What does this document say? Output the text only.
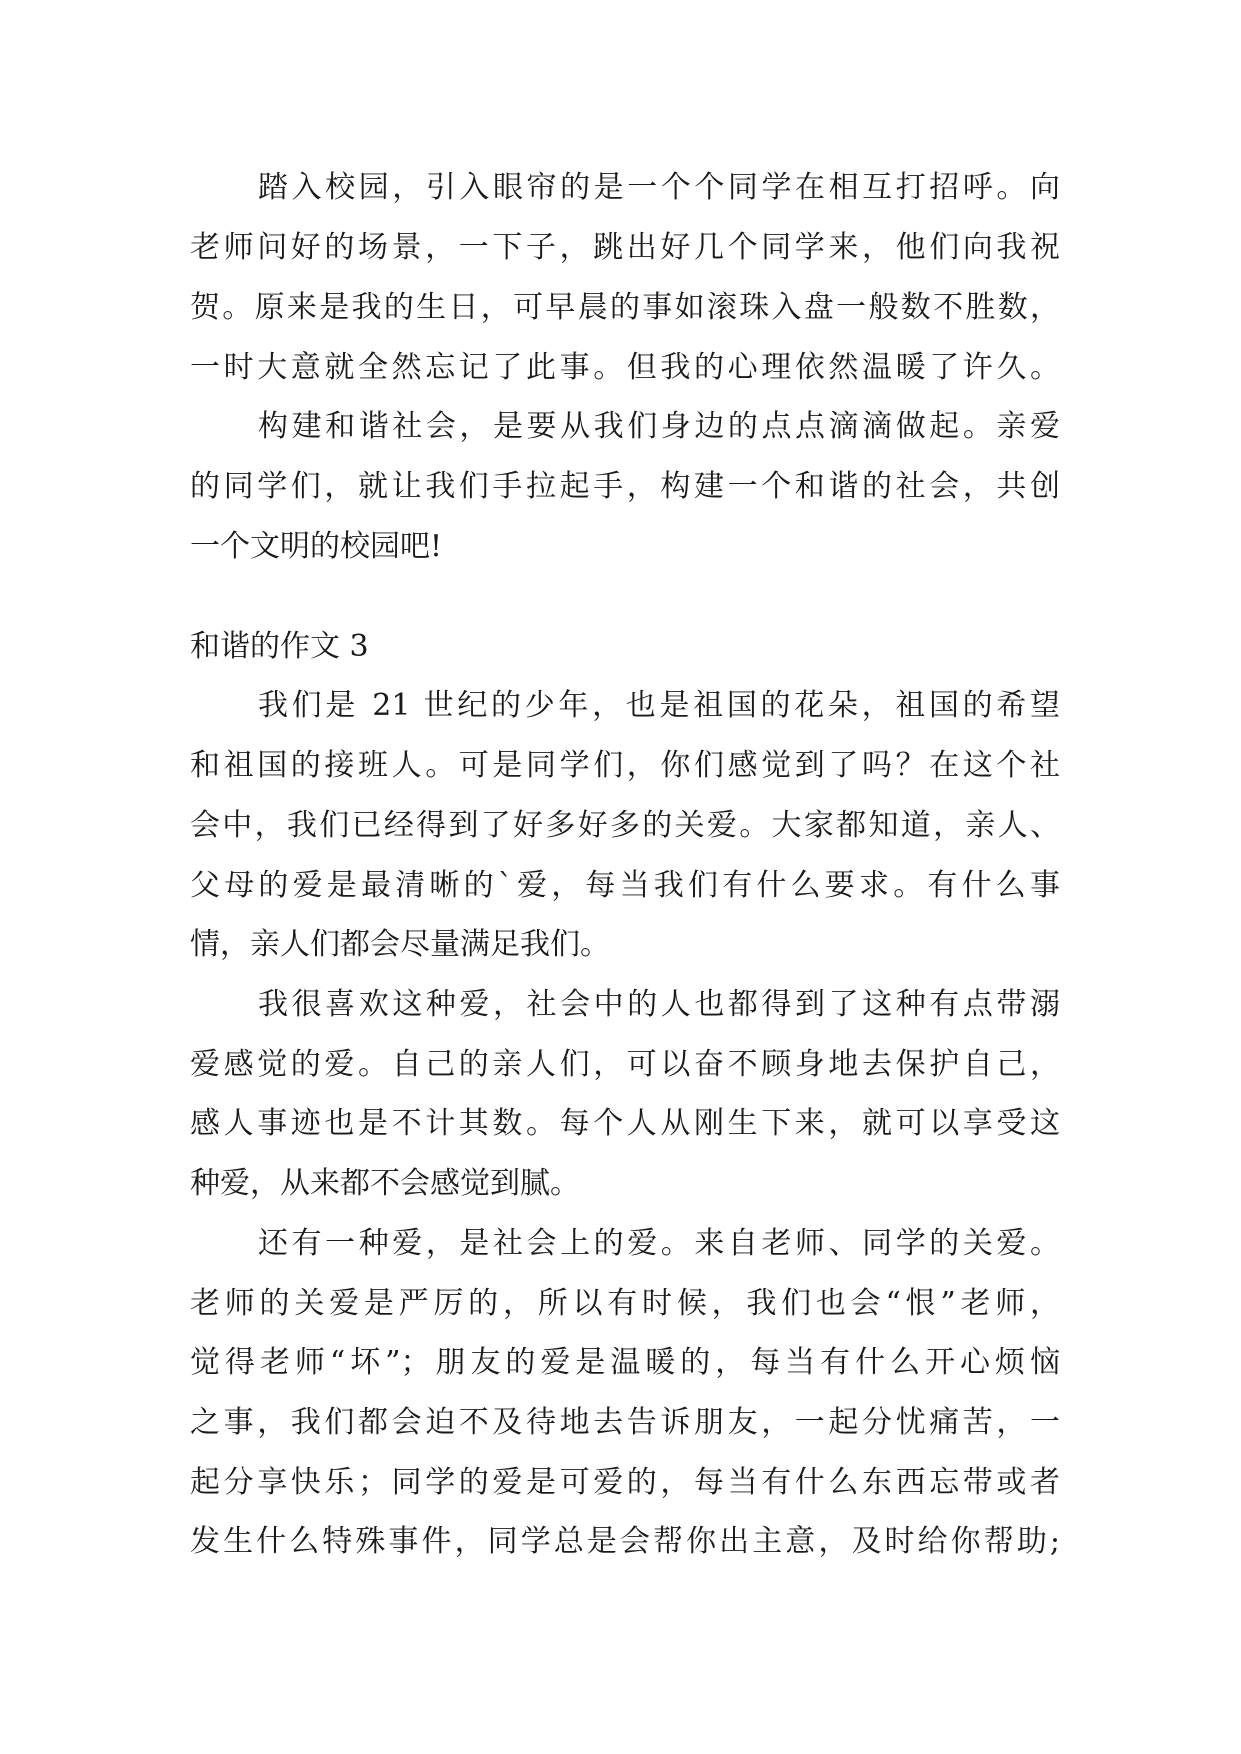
踏入校园，引入眼帘的是一个个同学在相互打招呼。向
老师问好的场景，一下子，跳出好几个同学来，他们向我祝
贺。原来是我的生日，可早晨的事如滚珠入盘一般数不胜数，
一时大意就全然忘记了此事。但我的心理依然温暖了许久。
构建和谐社会，是要从我们身边的点点滴滴做起。亲爱
的同学们，就让我们手拉起手，构建一个和谐的社会，共创
一个文明的校园吧!
和谐的作文 3
我们是 21 世纪的少年，也是祖国的花朵，祖国的希望
和祖国的接班人。可是同学们，你们感觉到了吗？在这个社
会中，我们已经得到了好多好多的关爱。大家都知道，亲人、
父母的爱是最清晰的`爱，每当我们有什么要求。有什么事
情，亲人们都会尽量满足我们。
我很喜欢这种爱，社会中的人也都得到了这种有点带溺
爱感觉的爱。自己的亲人们，可以奋不顾身地去保护自己，
感人事迹也是不计其数。每个人从刚生下来，就可以享受这
种爱，从来都不会感觉到腻。
还有一种爱，是社会上的爱。来自老师、同学的关爱。
老师的关爱是严厉的，所以有时候，我们也会“恨”老师，
觉得老师“坏”；朋友的爱是温暖的，每当有什么开心烦恼
之事，我们都会迫不及待地去告诉朋友，一起分忧痛苦，一
起分享快乐；同学的爱是可爱的，每当有什么东西忘带或者
发生什么特殊事件，同学总是会帮你出主意，及时给你帮助;
